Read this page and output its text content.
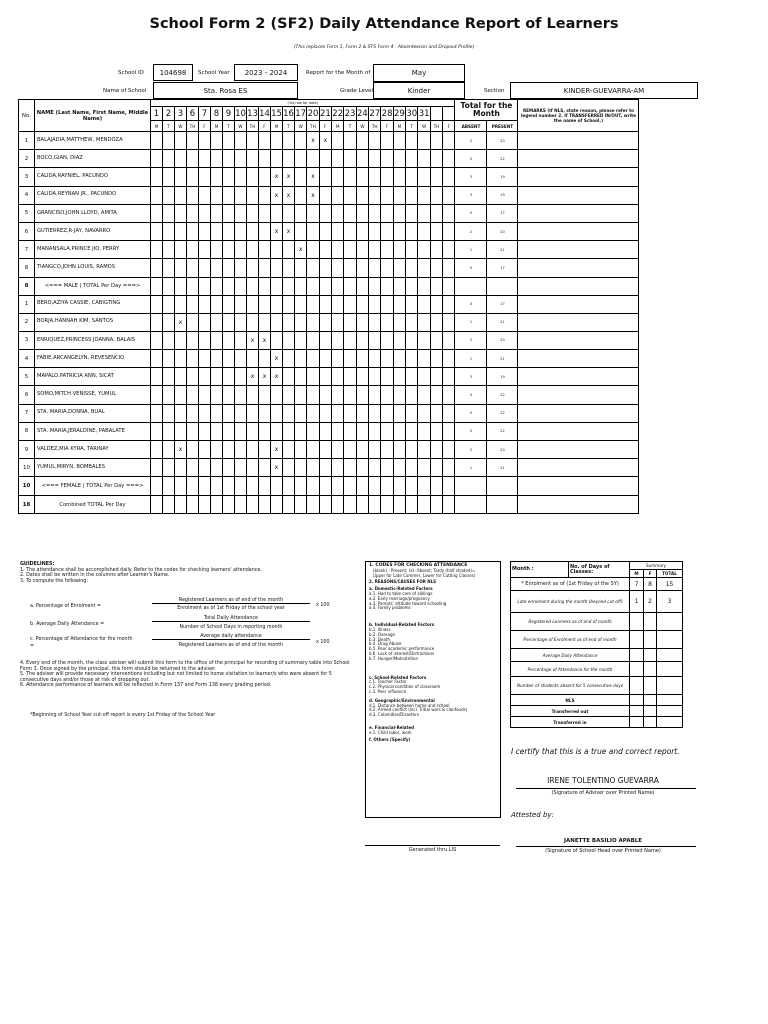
School Form 2 (SF2) Daily Attendance Report of Learners
(This replaces Form 1, Form 2 & STS Form 4 - Absenteeism and Dropout Profile)
School ID	104698	School Year	2023 - 2024	Report for the Month of	May
Name of School	Sta. Rosa ES	Grade Level	Kinder	Section	KINDER-GUEVARRA-AM
No.	NAME (Last Name, First Name, Middle Name)	(1st row for date)																									Total for the Month		REMARKS (If NLS, state reason, please refer to legend number 2. If TRANSFERRED IN/OUT, write the name of School.)
		1	2	3	6	7	8	9	10	13	14	15	16	17	20	21	22	23	24	27	28	29	30	31					
		M	T	W	TH	F	M	T	W	TH	F	M	T	W	TH	F	M	T	W	TH	F	M	T	W	TH	F	ABSENT	PRESENT	
1	BALAJADIA,MATTHEW, MENDOZA														x	x											2	20	
2	BOCO,GIAN, DIAZ																										0	22	
3	CALIDA,RAYNIEL, PACUNDO											x	x		x												3	19	
4	CALIDA,REYNAN JR., PACUNDO											x	x		x												3	19	
5	GRANCISO,JOHN LLOYD, AMITA																										0	17	
6	GUTIERREZ,R-JAY, NAVARRO											x	x														2	20	
7	MANANSALA,PRINCE JIO, PERRY													x													1	21	
8	TIANGCO,JOHN LOUIS, RAMOS																										0	17	
8	<=== MALE | TOTAL Per Day ===>																												
1	BERO,AZIYA CASSIE, CABIGTING																										0	17	
2	BORJA,HANNAH KIM, SANTOS			x																							1	21	
3	ENRIQUEZ,PRINCESS JOANNA, BALAIS									x	x																2	20	
4	FABIE,ARCANGELYN, REVESENCIO											x															1	21	
5	MAPALO,PATRICIA ANN, SICAT									x	x	x															3	19	
6	SOMO,MITCH VENISSE, YUMUL																										0	22	
7	STA. MARIA,DONNA, BUAL																										0	22	
8	STA. MARIA,JERALDINE, PABALATE																										0	22	
9	VALDEZ,MIA KYRA, TARINAY			x								x															2	20	
10	YUMUL,MIRYN, BOMBALES											x															1	21	
10	<=== FEMALE | TOTAL Per Day ===>																												
18	Combined TOTAL Per Day																												
GUIDELINES:
1. The attendance shall be accomplished daily. Refer to the codes for checking learners' attendance.
2. Dates shall be written in the columns after Learner's Name.
3. To compute the following:
a. Percentage of Enrolment =
Registered Learners as of end of the month
Enrolment as of 1st Friday of the school year
x 100
b. Average Daily Attendance =
Total Daily Attendance
Number of School Days in reporting month
c. Percentage of Attendance for the month
=
Average daily attendance
Registered Learners as of end of the month
x 100
4. Every end of the month, the class adviser will submit this form to the office of the principal for recording of summary table into School Form 3. Once signed by the principal, this form should be returned to the adviser.
5. The adviser will provide necessary interventions including but not limited to home visitation to learner/s who were absent for 5 consecutive days and/or those at risk of dropping out.
6. Attendance performance of learners will be reflected in Form 137 and Form 138 every grading period.
*Beginning of School Year cut-off report is every 1st Friday of the School Year
1. CODES FOR CHECKING ATTENDANCE
(blank) - Present; (x)- Absent; Tardy (half shaded)=
Upper for Late Commer, Lower for Cutting Classes)
2. REASONS/CAUSES FOR NLS
a. Domestic-Related Factors
a.1. Had to take care of siblings
a.2. Early marriage/pregnancy
a.3. Parents' attitude toward schooling
a.4. Family problems
b. Individual-Related Factors
b.1. Illness
b.2. Overage
b.3. Death
b.4. Drug Abuse
b.5. Poor academic performance
b.6. Lack of interest/Distractions
b.7. Hunger/Malnutrition
c. School-Related Factors
c.1. Teacher Factor
c.2. Physical condition of classroom
c.3. Peer influence
d. Geographic/Environmental
d.1. Distance between home and school
d.2. Armed conflict (incl. Tribal wars & clanfeuds)
d.3. Calamities/Disasters
e. Financial-Related
e.1. Child labor, work
f. Others (Specify)
Generated thru LIS
Month :	No. of Days of Classes:	Summary		
		M	F	TOTAL
* Enrolment as of (1st Friday of the SY)		7	8	15
Late enrolment during the month (beyond cut-off)		1	2	3
Registered Learners as of end of month				
Percentage of Enrolment as of end of month				
Average Daily Attendance				
Percentage of Attendance for the month				
Number of students absent for 5 consecutive days				
NLS				
Transferred out				
Transferred in				
I certify that this is a true and correct report.
IRENE TOLENTINO GUEVARRA
(Signature of Adviser over Printed Name)
Attested by:
JANETTE BASILIO APABLE
(Signature of School Head over Printed Name)
